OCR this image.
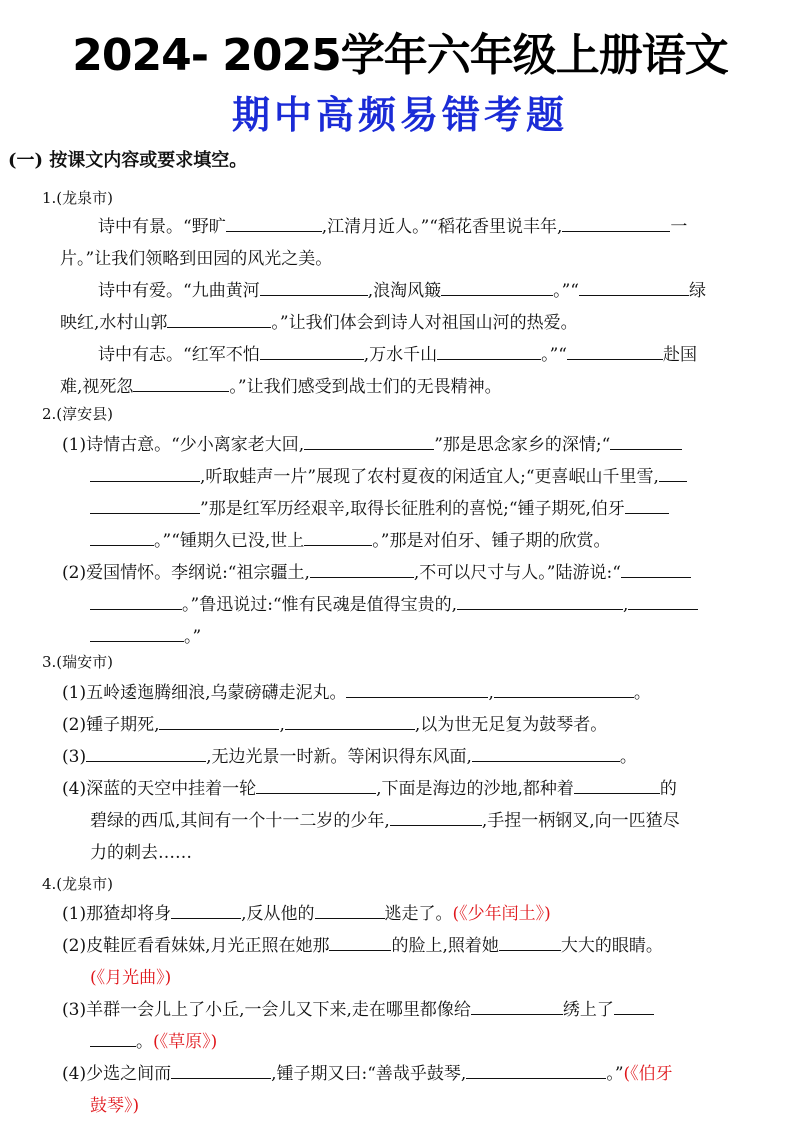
2024- 2025学年六年级上册语文
期中高频易错考题
(一) 按课文内容或要求填空。
1.(龙泉市)
诗中有景。“野旷	,江清月近人。”“稻花香里说丰年,	一
片。”让我们领略到田园的风光之美。
诗中有爱。“九曲黄河	,浪淘风簸	。”“	绿
映红,水村山郭	。”让我们体会到诗人对祖国山河的热爱。
诗中有志。“红军不怕	,万水千山	。”“	赴国
难,视死忽	。”让我们感受到战士们的无畏精神。
2.(淳安县)
(1)诗情古意。“少小离家老大回,	”那是思念家乡的深情;“
,听取蛙声一片”展现了农村夏夜的闲适宜人;“更喜岷山千里雪,
”那是红军历经艰辛,取得长征胜利的喜悦;“锺子期死,伯牙
。”“锺期久已没,世上	。”那是对伯牙、锺子期的欣赏。
(2)爱国情怀。李纲说:“祖宗疆土,	,不可以尺寸与人。”陆游说:“
。”鲁迅说过:“惟有民魂是值得宝贵的,	,
。”
3.(瑞安市)
(1)五岭逶迤腾细浪,乌蒙磅礴走泥丸。	,	。
(2)锺子期死,	,	,以为世无足复为鼓琴者。
(3)	,无边光景一时新。等闲识得东风面,	。
(4)深蓝的天空中挂着一轮	,下面是海边的沙地,都种着	的
碧绿的西瓜,其间有一个十一二岁的少年,	,手捏一柄钢叉,向一匹猹尽
力的刺去……
4.(龙泉市)
(1)那猹却将身	,反从他的	逃走了。(《少年闰土》)
(2)皮鞋匠看看妹妹,月光正照在她那	的脸上,照着她	大大的眼睛。
(《月光曲》)
(3)羊群一会儿上了小丘,一会儿又下来,走在哪里都像给	绣上了
。(《草原》)
(4)少选之间而	,锺子期又曰:“善哉乎鼓琴,	。”(《伯牙
鼓琴》)
